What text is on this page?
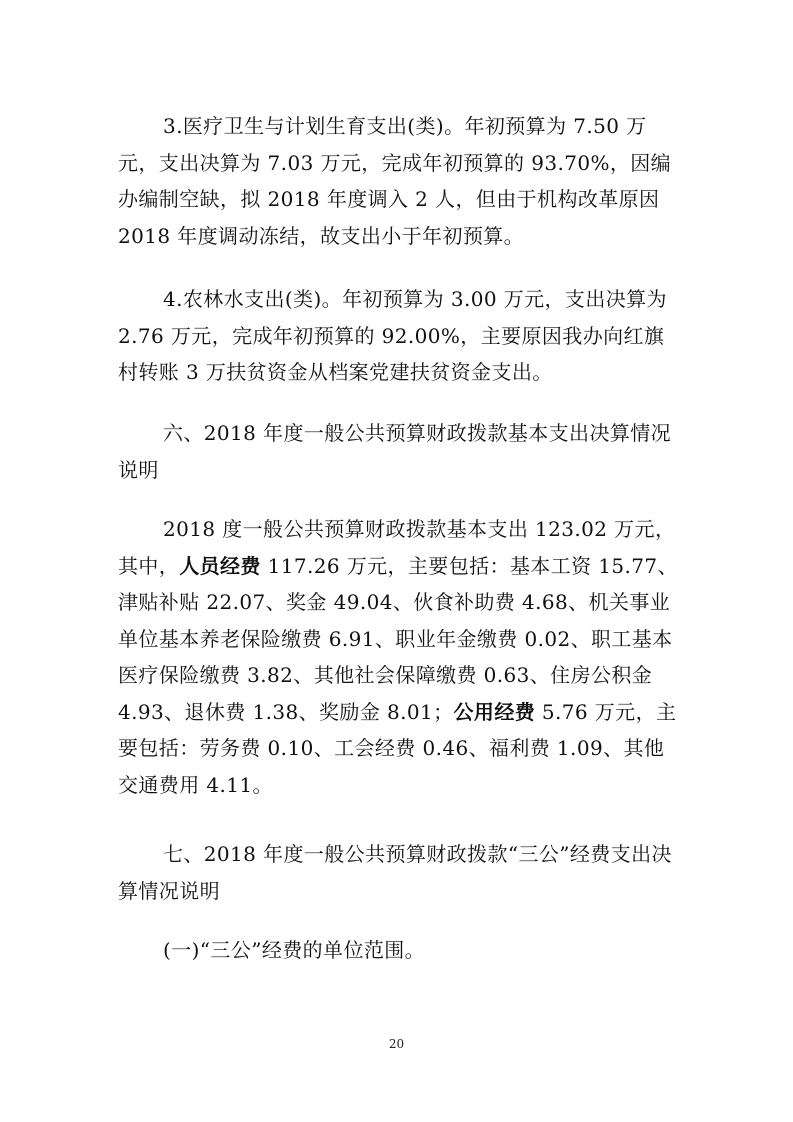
3.医疗卫生与计划生育支出(类)。年初预算为 7.50 万元，支出决算为 7.03 万元，完成年初预算的 93.70%，因编办编制空缺，拟 2018 年度调入 2 人，但由于机构改革原因 2018 年度调动冻结，故支出小于年初预算。

4.农林水支出(类)。年初预算为 3.00 万元，支出决算为 2.76 万元，完成年初预算的 92.00%，主要原因我办向红旗村转账 3 万扶贫资金从档案党建扶贫资金支出。

六、2018 年度一般公共预算财政拨款基本支出决算情况说明

2018 度一般公共预算财政拨款基本支出 123.02 万元，其中，人员经费 117.26 万元，主要包括：基本工资 15.77、津贴补贴 22.07、奖金 49.04、伙食补助费 4.68、机关事业单位基本养老保险缴费 6.91、职业年金缴费 0.02、职工基本医疗保险缴费 3.82、其他社会保障缴费 0.63、住房公积金 4.93、退休费 1.38、奖励金 8.01；公用经费 5.76 万元，主要包括：劳务费 0.10、工会经费 0.46、福利费 1.09、其他交通费用 4.11。

七、2018 年度一般公共预算财政拨款“三公”经费支出决算情况说明

(一)“三公”经费的单位范围。

20
